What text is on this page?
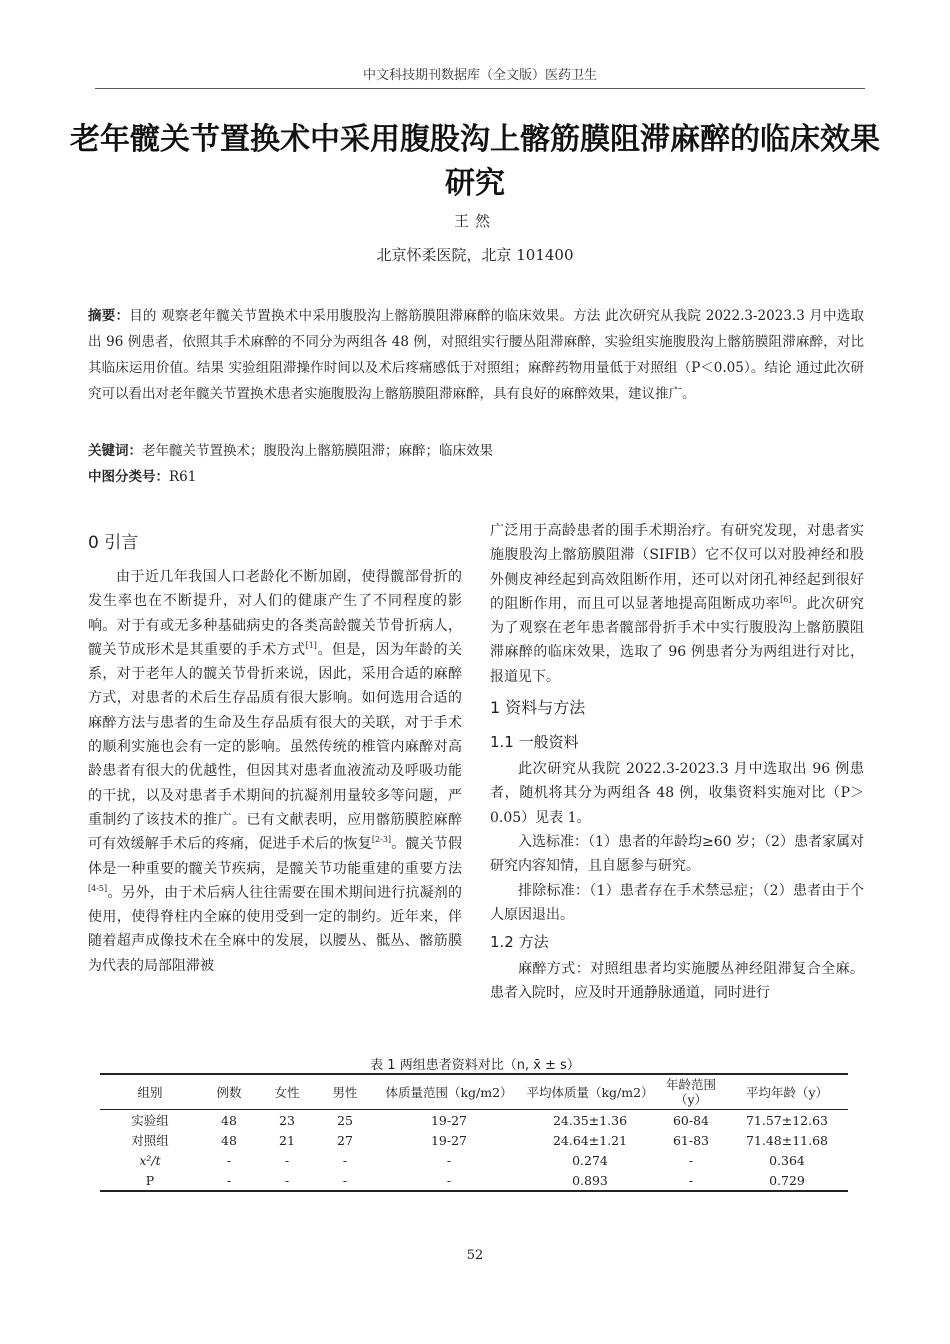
中文科技期刊数据库（全文版）医药卫生
老年髋关节置换术中采用腹股沟上髂筋膜阻滞麻醉的临床效果研究
王然
北京怀柔医院，北京 101400
摘要：目的 观察老年髋关节置换术中采用腹股沟上髂筋膜阻滞麻醉的临床效果。方法 此次研究从我院 2022.3-2023.3 月中选取出 96 例患者，依照其手术麻醉的不同分为两组各 48 例，对照组实行腰丛阻滞麻醉，实验组实施腹股沟上髂筋膜阻滞麻醉，对比其临床运用价值。结果 实验组阻滞操作时间以及术后疼痛感低于对照组；麻醉药物用量低于对照组（P＜0.05）。结论 通过此次研究可以看出对老年髋关节置换术患者实施腹股沟上髂筋膜阻滞麻醉，具有良好的麻醉效果，建议推广。
关键词：老年髋关节置换术；腹股沟上髂筋膜阻滞；麻醉；临床效果
中图分类号：R61
0 引言

由于近几年我国人口老龄化不断加剧，使得髋部骨折的发生率也在不断提升，对人们的健康产生了不同程度的影响。对于有或无多种基础病史的各类高龄髋关节骨折病人，髋关节成形术是其重要的手术方式[1]。但是，因为年龄的关系，对于老年人的髋关节骨折来说，因此，采用合适的麻醉方式，对患者的术后生存品质有很大影响。如何选用合适的麻醉方法与患者的生命及生存品质有很大的关联，对于手术的顺利实施也会有一定的影响。虽然传统的椎管内麻醉对高龄患者有很大的优越性，但因其对患者血液流动及呼吸功能的干扰，以及对患者手术期间的抗凝剂用量较多等问题，严重制约了该技术的推广。已有文献表明，应用髂筋膜腔麻醉可有效缓解手术后的疼痛，促进手术后的恢复[2-3]。髋关节假体是一种重要的髋关节疾病，是髋关节功能重建的重要方法[4-5]。另外，由于术后病人往往需要在围术期间进行抗凝剂的使用，使得脊柱内全麻的使用受到一定的制约。近年来，伴随着超声成像技术在全麻中的发展，以腰丛、骶丛、髂筋膜为代表的局部阻滞被

广泛用于高龄患者的围手术期治疗。有研究发现，对患者实施腹股沟上髂筋膜阻滞（SIFIB）它不仅可以对股神经和股外侧皮神经起到高效阻断作用，还可以对闭孔神经起到很好的阻断作用，而且可以显著地提高阻断成功率[6]。此次研究为了观察在老年患者髋部骨折手术中实行腹股沟上髂筋膜阻滞麻醉的临床效果，选取了 96 例患者分为两组进行对比，报道见下。

1 资料与方法

1.1 一般资料

此次研究从我院 2022.3-2023.3 月中选取出 96 例患者，随机将其分为两组各 48 例，收集资料实施对比（P＞0.05）见表 1。

入选标准：（1）患者的年龄均≥60 岁；（2）患者家属对研究内容知情，且自愿参与研究。

排除标准：（1）患者存在手术禁忌症；（2）患者由于个人原因退出。

1.2 方法

麻醉方式：对照组患者均实施腰丛神经阻滞复合全麻。患者入院时，应及时开通静脉通道，同时进行

表 1 两组患者资料对比（n, x̄ ± s）
组别	例数	女性	男性	体质量范围（kg/m2）	平均体质量（kg/m2）	年龄范围（y）	平均年龄（y）
实验组	48	23	25	19-27	24.35±1.36	60-84	71.57±12.63
对照组	48	21	27	19-27	24.64±1.21	61-83	71.48±11.68
x²/t	-	-	-	-	0.274	-	0.364
P	-	-	-	-	0.893	-	0.729
52
